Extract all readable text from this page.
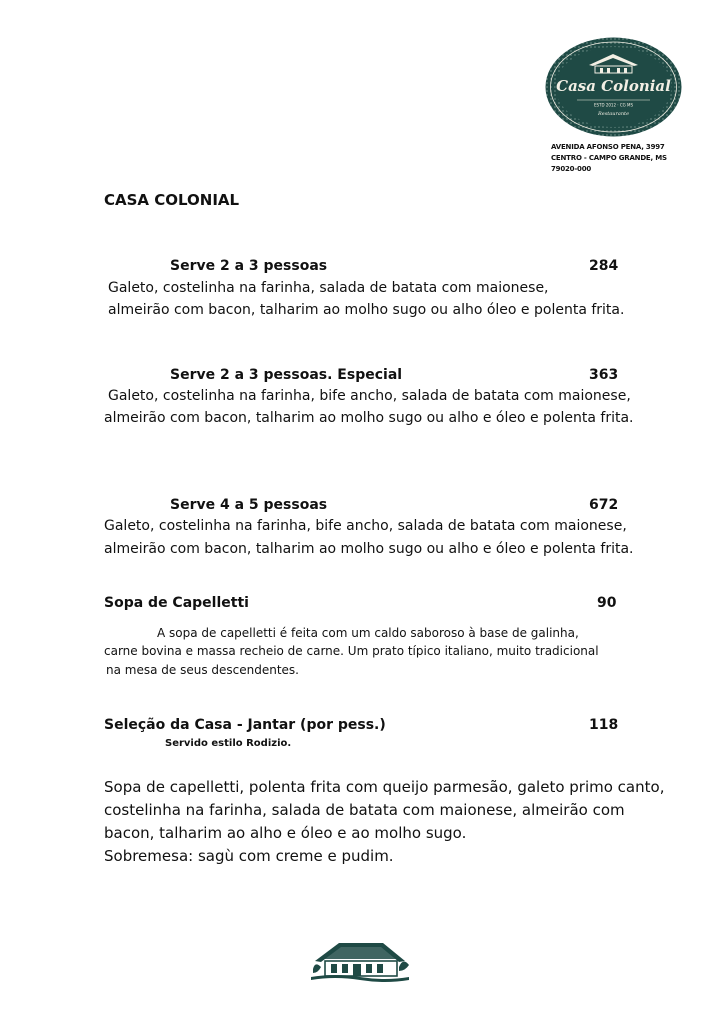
Casa Colonial
ESTD 2012 · CG MS
Restaurante
AVENIDA AFONSO PENA, 3997
CENTRO - CAMPO GRANDE, MS
79020-000
CASA COLONIAL
Serve 2 a 3 pessoas	284
Galeto, costelinha na farinha, salada de batata com maionese,
almeirão com bacon, talharim ao molho sugo ou alho óleo e polenta frita.
Serve 2 a 3 pessoas. Especial	363
Galeto, costelinha na farinha, bife ancho, salada de batata com maionese,
almeirão com bacon, talharim ao molho sugo ou alho e óleo e polenta frita.
Serve 4 a 5 pessoas	672
Galeto, costelinha na farinha, bife ancho, salada de batata com maionese,
almeirão com bacon, talharim ao molho sugo ou alho e óleo e polenta frita.
Sopa de Capelletti	90
A sopa de capelletti é feita com um caldo saboroso à base de galinha,
carne bovina e massa recheio de carne. Um prato típico italiano, muito tradicional
na mesa de seus descendentes.
Seleção da Casa - Jantar (por pess.)	118
Servido estilo Rodizio.
Sopa de capelletti, polenta frita com queijo parmesão, galeto primo canto,
costelinha na farinha, salada de batata com maionese, almeirão com
bacon, talharim ao alho e óleo e ao molho sugo.
Sobremesa: sagù com creme e pudim.
